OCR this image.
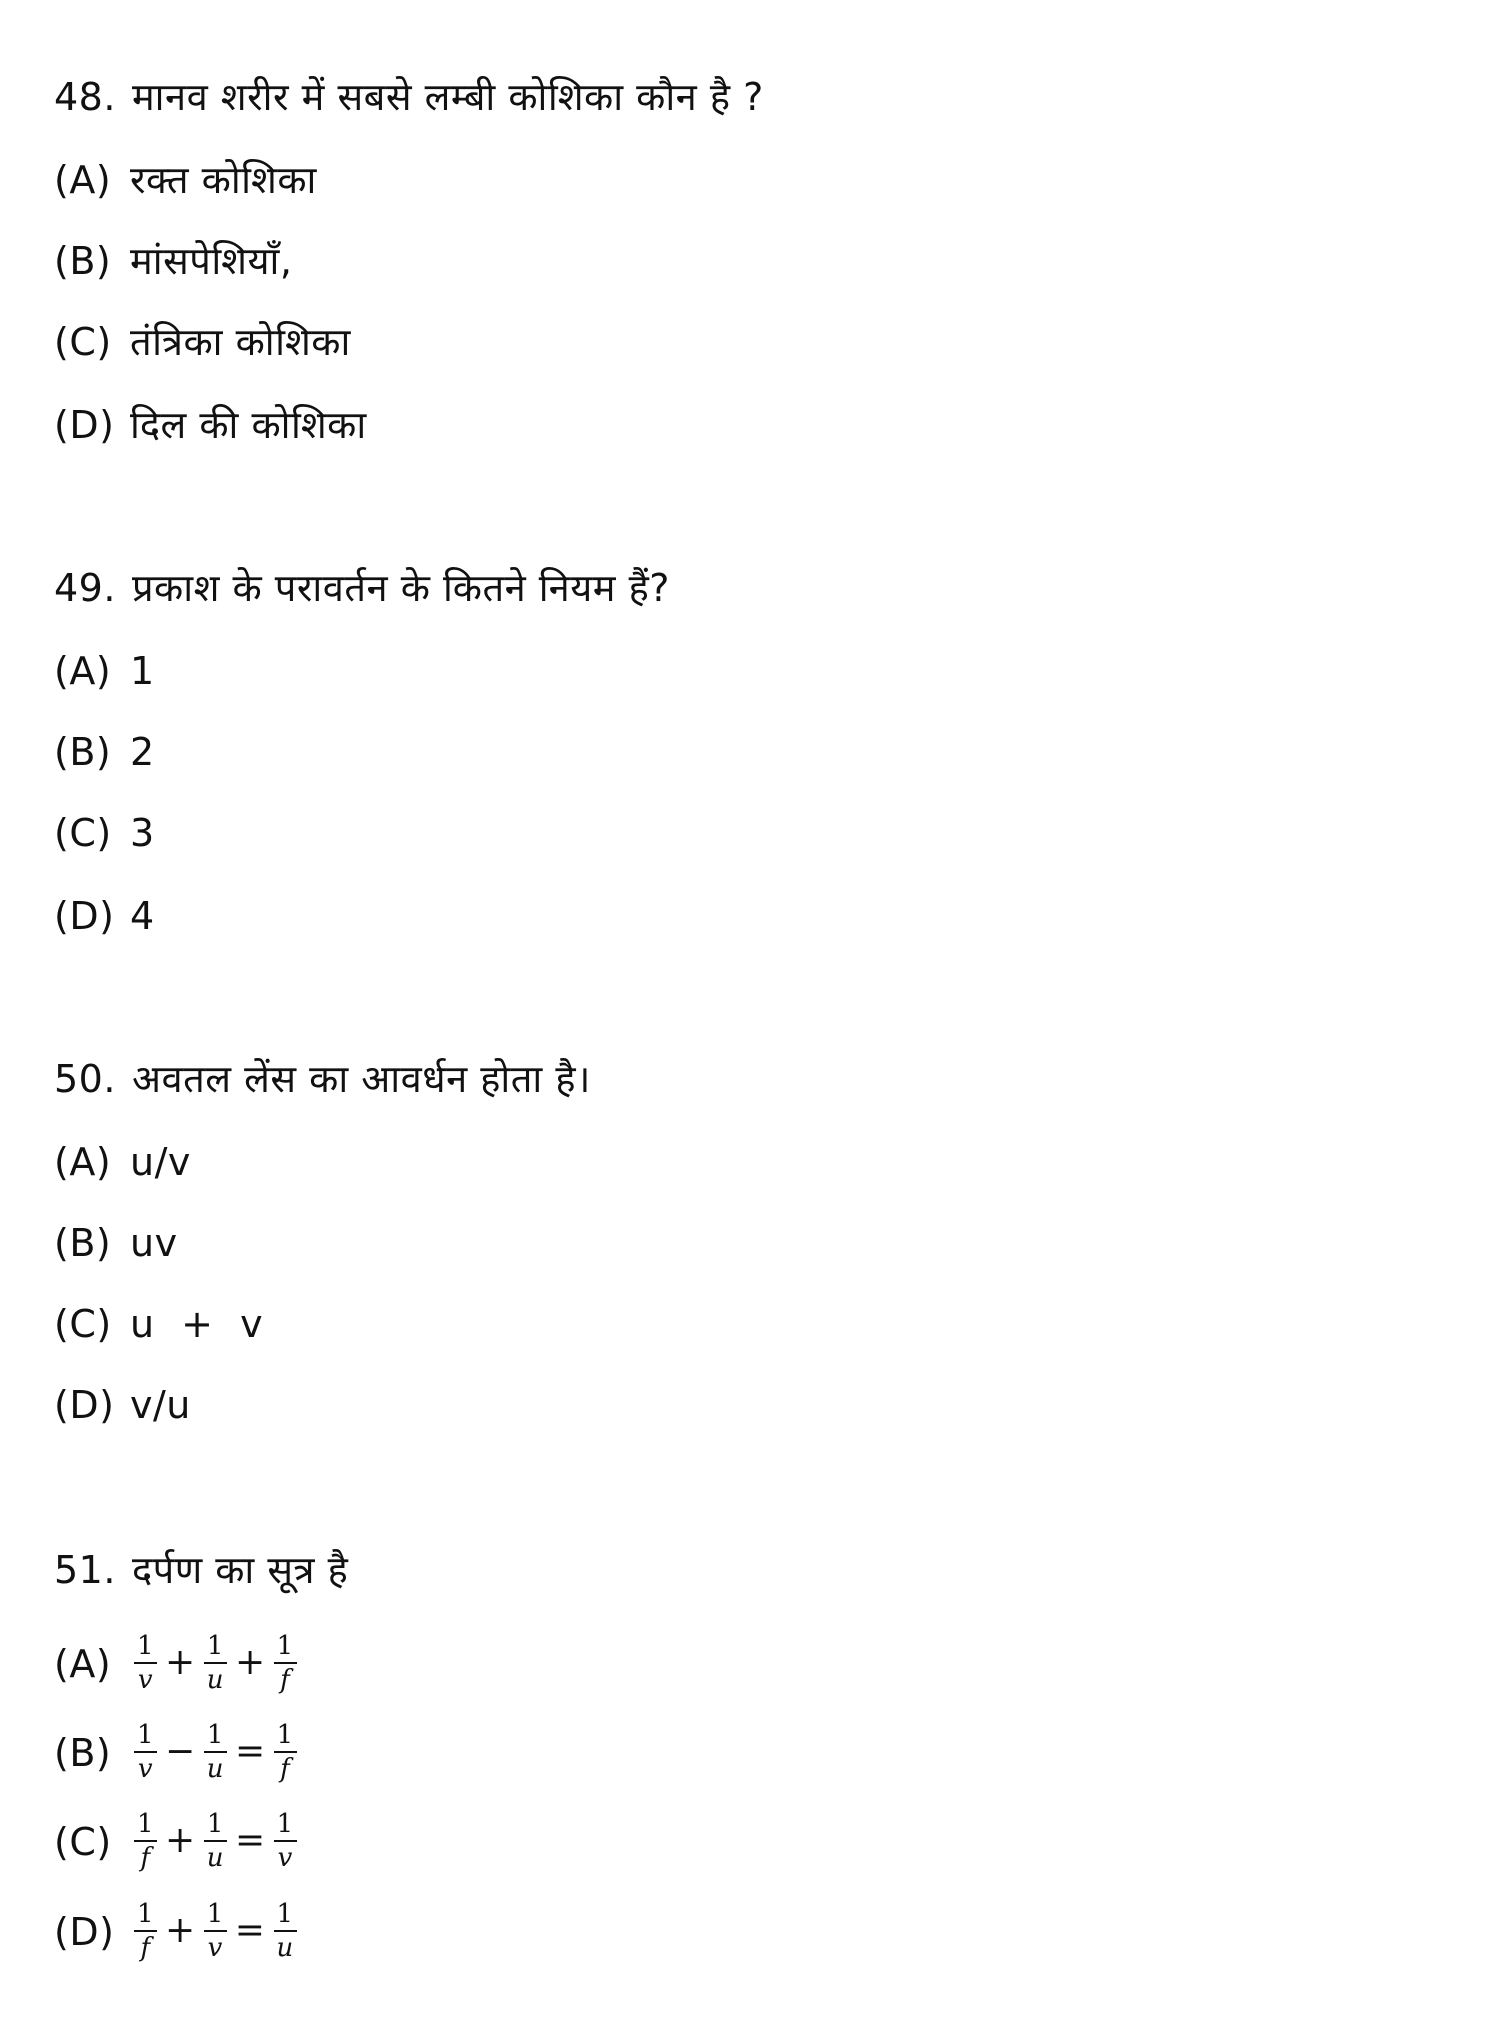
48. मानव शरीर में सबसे लम्बी कोशिका कौन है ?
(A) रक्त कोशिका
(B) मांसपेशियाँ,
(C) तंत्रिका कोशिका
(D) दिल की कोशिका
49. प्रकाश के परावर्तन के कितने नियम हैं?
(A) 1
(B) 2
(C) 3
(D) 4
50. अवतल लेंस का आवर्धन होता है।
(A) u/v
(B) uv
(C) u + v
(D) v/u
51. दर्पण का सूत्र है
$(A) \frac{1}{v} + \frac{1}{u} + \frac{1}{f}$
$(B) \frac{1}{v} - \frac{1}{u} = \frac{1}{f}$
$(C) \frac{1}{f} + \frac{1}{u} = \frac{1}{v}$
$(D) \frac{1}{f} + \frac{1}{v} = \frac{1}{u}$
